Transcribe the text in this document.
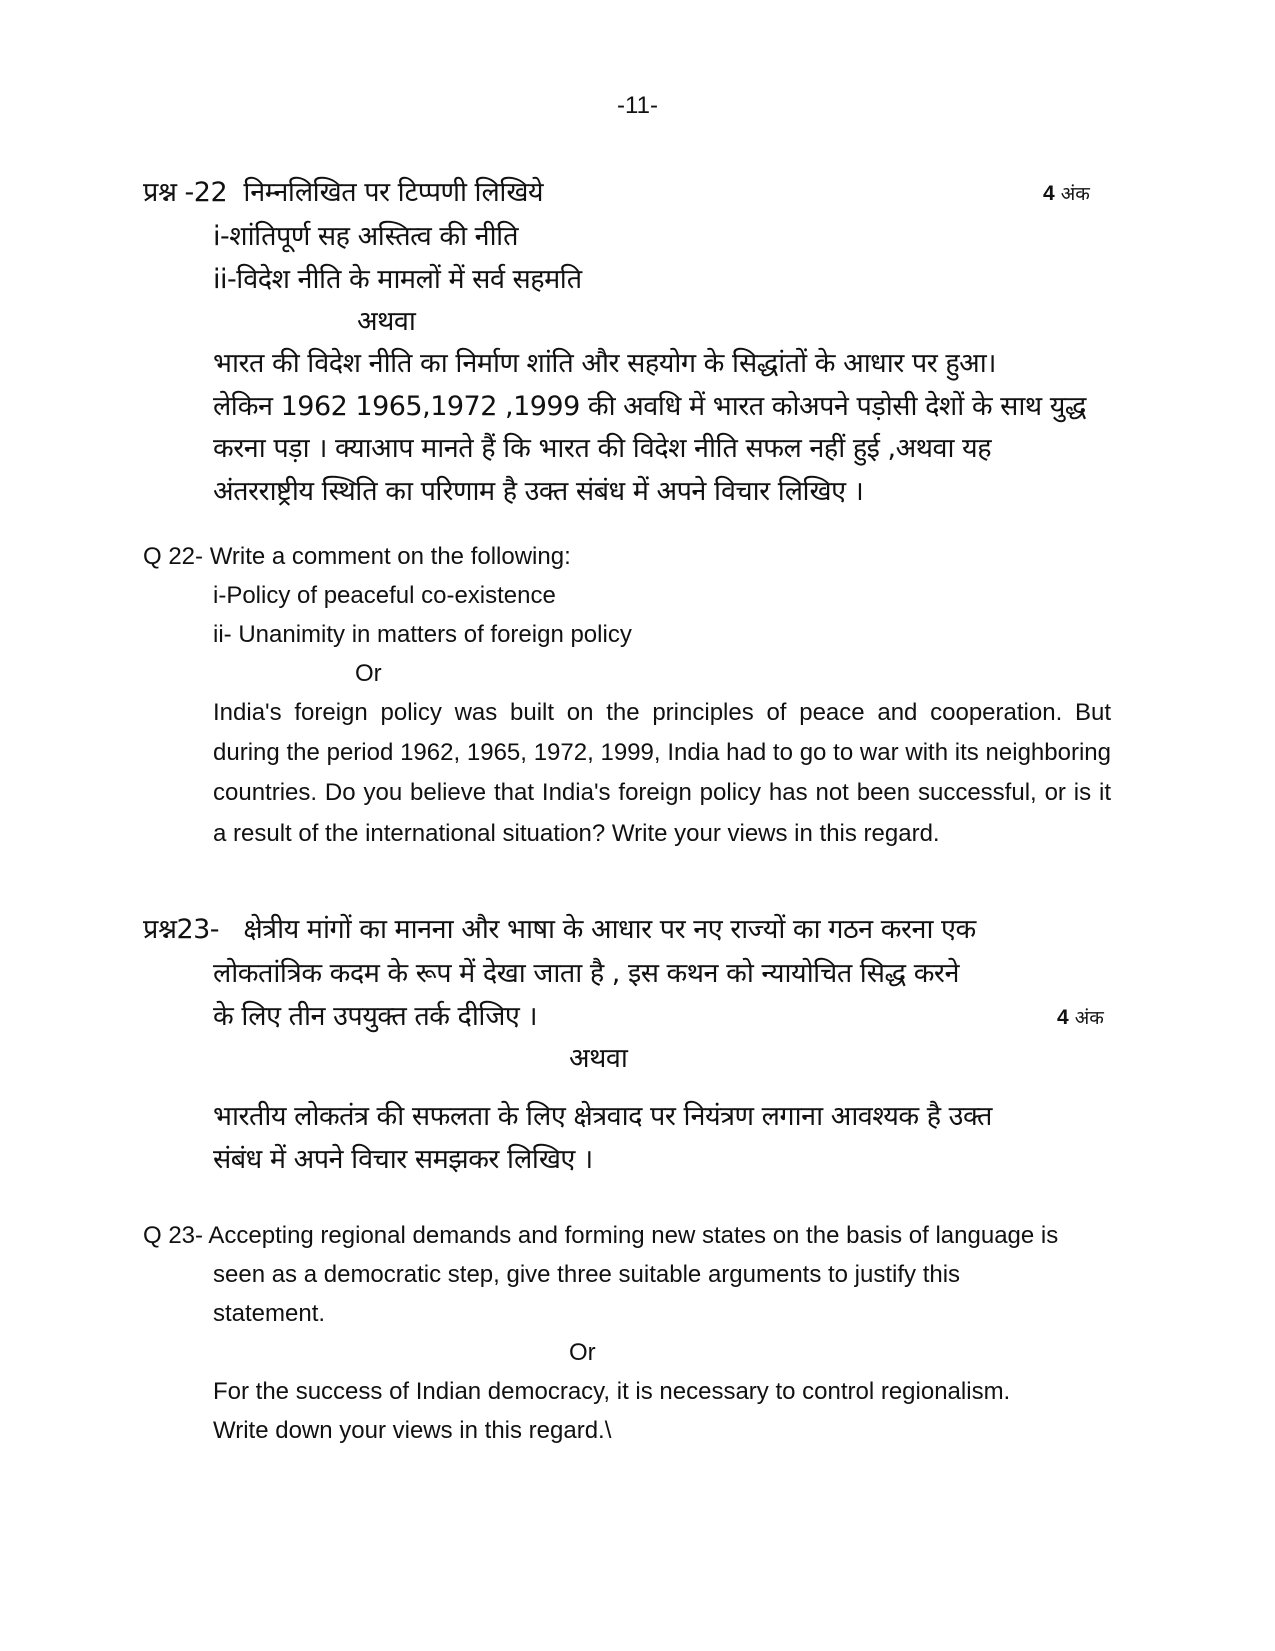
-11-
प्रश्न -22 निम्नलिखित पर टिप्पणी लिखिये	4 अंक
i-शांतिपूर्ण सह अस्तित्व की नीति
ii-विदेश नीति के मामलों में सर्व सहमति
अथवा
भारत की विदेश नीति का निर्माण शांति और सहयोग के सिद्धांतों के आधार पर हुआ।
लेकिन 1962 1965,1972 ,1999 की अवधि में भारत कोअपने पड़ोसी देशों के साथ युद्ध
करना पड़ा । क्याआप मानते हैं कि भारत की विदेश नीति सफल नहीं हुई ,अथवा यह
अंतरराष्ट्रीय स्थिति का परिणाम है उक्त संबंध में अपने विचार लिखिए ।
Q 22- Write a comment on the following:
i-Policy of peaceful co-existence
ii- Unanimity in matters of foreign policy
Or
India's foreign policy was built on the principles of peace and cooperation. But during the period 1962, 1965, 1972, 1999, India had to go to war with its neighboring countries. Do you believe that India's foreign policy has not been successful, or is it a result of the international situation? Write your views in this regard.
प्रश्न23- क्षेत्रीय मांगों का मानना और भाषा के आधार पर नए राज्यों का गठन करना एक
लोकतांत्रिक कदम के रूप में देखा जाता है , इस कथन को न्यायोचित सिद्ध करने
के लिए तीन उपयुक्त तर्क दीजिए ।	4 अंक
अथवा
भारतीय लोकतंत्र की सफलता के लिए क्षेत्रवाद पर नियंत्रण लगाना आवश्यक है उक्त
संबंध में अपने विचार समझकर लिखिए ।
Q 23- Accepting regional demands and forming new states on the basis of language is
seen as a democratic step, give three suitable arguments to justify this
statement.
Or
For the success of Indian democracy, it is necessary to control regionalism.
Write down your views in this regard.\
